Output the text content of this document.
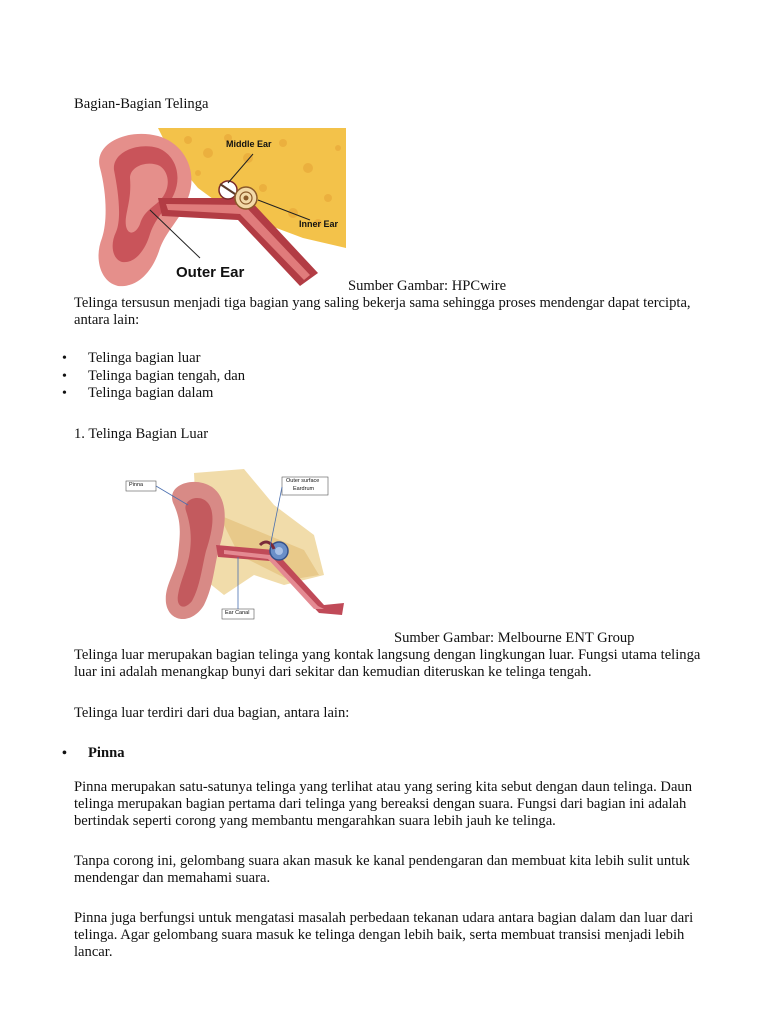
Bagian-Bagian Telinga
Middle Ear
Inner Ear
Outer Ear
Sumber Gambar: HPCwire

Telinga tersusun menjadi tiga bagian yang saling bekerja sama sehingga proses mendengar dapat tercipta, antara lain:

• Telinga bagian luar
• Telinga bagian tengah, dan
• Telinga bagian dalam
1. Telinga Bagian Luar
Pinna
Outer surface
Eardrum
Ear Canal
Sumber Gambar: Melbourne ENT Group

Telinga luar merupakan bagian telinga yang kontak langsung dengan lingkungan luar. Fungsi utama telinga luar ini adalah menangkap bunyi dari sekitar dan kemudian diteruskan ke telinga tengah.

Telinga luar terdiri dari dua bagian, antara lain:

• Pinna

Pinna merupakan satu-satunya telinga yang terlihat atau yang sering kita sebut dengan daun telinga. Daun telinga merupakan bagian pertama dari telinga yang bereaksi dengan suara. Fungsi dari bagian ini adalah bertindak seperti corong yang membantu mengarahkan suara lebih jauh ke telinga.

Tanpa corong ini, gelombang suara akan masuk ke kanal pendengaran dan membuat kita lebih sulit untuk mendengar dan memahami suara.

Pinna juga berfungsi untuk mengatasi masalah perbedaan tekanan udara antara bagian dalam dan luar dari telinga. Agar gelombang suara masuk ke telinga dengan lebih baik, serta membuat transisi menjadi lebih lancar.
